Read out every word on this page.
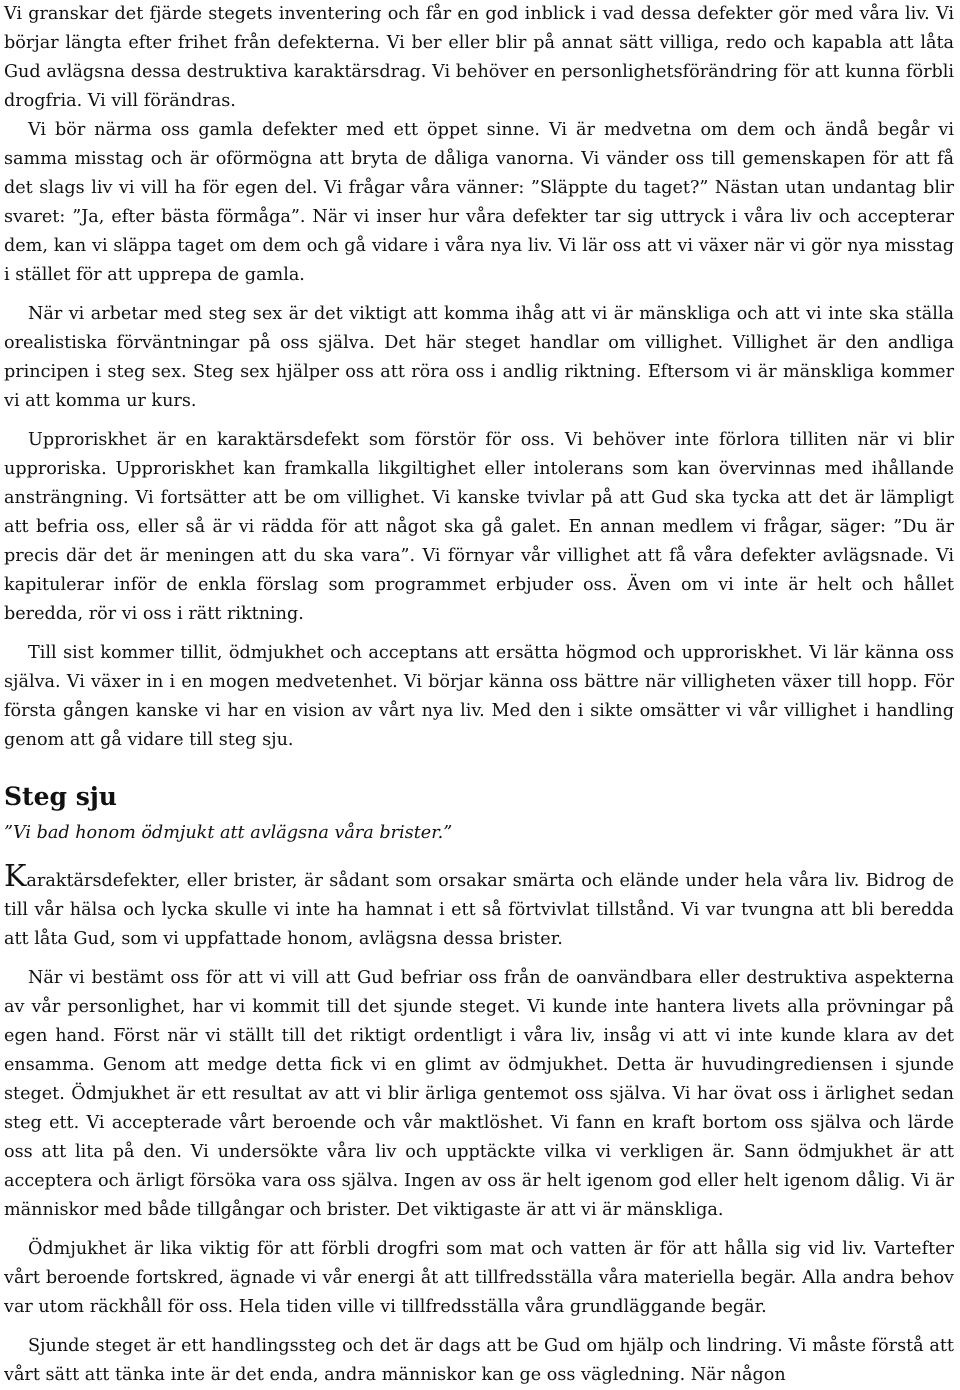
Vi granskar det fjärde stegets inventering och får en god inblick i vad dessa defekter gör med våra liv. Vi börjar längta efter frihet från defekterna. Vi ber eller blir på annat sätt villiga, redo och kapabla att låta Gud avlägsna dessa destruktiva karaktärsdrag. Vi behöver en personlighetsförändring för att kunna förbli drogfria. Vi vill förändras.

Vi bör närma oss gamla defekter med ett öppet sinne. Vi är medvetna om dem och ändå begår vi samma misstag och är oförmögna att bryta de dåliga vanorna. Vi vänder oss till gemenskapen för att få det slags liv vi vill ha för egen del. Vi frågar våra vänner: ”Släppte du taget?” Nästan utan undantag blir svaret: ”Ja, efter bästa förmåga”. När vi inser hur våra defekter tar sig uttryck i våra liv och accepterar dem, kan vi släppa taget om dem och gå vidare i våra nya liv. Vi lär oss att vi växer när vi gör nya misstag i stället för att upprepa de gamla.

När vi arbetar med steg sex är det viktigt att komma ihåg att vi är mänskliga och att vi inte ska ställa orealistiska förväntningar på oss själva. Det här steget handlar om villighet. Villighet är den andliga principen i steg sex. Steg sex hjälper oss att röra oss i andlig riktning. Eftersom vi är mänskliga kommer vi att komma ur kurs.

Upproriskhet är en karaktärsdefekt som förstör för oss. Vi behöver inte förlora tilliten när vi blir upproriska. Upproriskhet kan framkalla likgiltighet eller intolerans som kan övervinnas med ihållande ansträngning. Vi fortsätter att be om villighet. Vi kanske tvivlar på att Gud ska tycka att det är lämpligt att befria oss, eller så är vi rädda för att något ska gå galet. En annan medlem vi frågar, säger: ”Du är precis där det är meningen att du ska vara”. Vi förnyar vår villighet att få våra defekter avlägsnade. Vi kapitulerar inför de enkla förslag som programmet erbjuder oss. Även om vi inte är helt och hållet beredda, rör vi oss i rätt riktning.

Till sist kommer tillit, ödmjukhet och acceptans att ersätta högmod och upproriskhet. Vi lär känna oss själva. Vi växer in i en mogen medvetenhet. Vi börjar känna oss bättre när villigheten växer till hopp. För första gången kanske vi har en vision av vårt nya liv. Med den i sikte omsätter vi vår villighet i handling genom att gå vidare till steg sju.

Steg sju

”Vi bad honom ödmjukt att avlägsna våra brister.”

Karaktärsdefekter, eller brister, är sådant som orsakar smärta och elände under hela våra liv. Bidrog de till vår hälsa och lycka skulle vi inte ha hamnat i ett så förtvivlat tillstånd. Vi var tvungna att bli beredda att låta Gud, som vi uppfattade honom, avlägsna dessa brister.

När vi bestämt oss för att vi vill att Gud befriar oss från de oanvändbara eller destruktiva aspekterna av vår personlighet, har vi kommit till det sjunde steget. Vi kunde inte hantera livets alla prövningar på egen hand. Först när vi ställt till det riktigt ordentligt i våra liv, insåg vi att vi inte kunde klara av det ensamma. Genom att medge detta fick vi en glimt av ödmjukhet. Detta är huvudingrediensen i sjunde steget. Ödmjukhet är ett resultat av att vi blir ärliga gentemot oss själva. Vi har övat oss i ärlighet sedan steg ett. Vi accepterade vårt beroende och vår maktlöshet. Vi fann en kraft bortom oss själva och lärde oss att lita på den. Vi undersökte våra liv och upptäckte vilka vi verkligen är. Sann ödmjukhet är att acceptera och ärligt försöka vara oss själva. Ingen av oss är helt igenom god eller helt igenom dålig. Vi är människor med både tillgångar och brister. Det viktigaste är att vi är mänskliga.

Ödmjukhet är lika viktig för att förbli drogfri som mat och vatten är för att hålla sig vid liv. Vartefter vårt beroende fortskred, ägnade vi vår energi åt att tillfredsställa våra materiella begär. Alla andra behov var utom räckhåll för oss. Hela tiden ville vi tillfredsställa våra grundläggande begär.

Sjunde steget är ett handlingssteg och det är dags att be Gud om hjälp och lindring. Vi måste förstå att vårt sätt att tänka inte är det enda, andra människor kan ge oss vägledning. När någon
